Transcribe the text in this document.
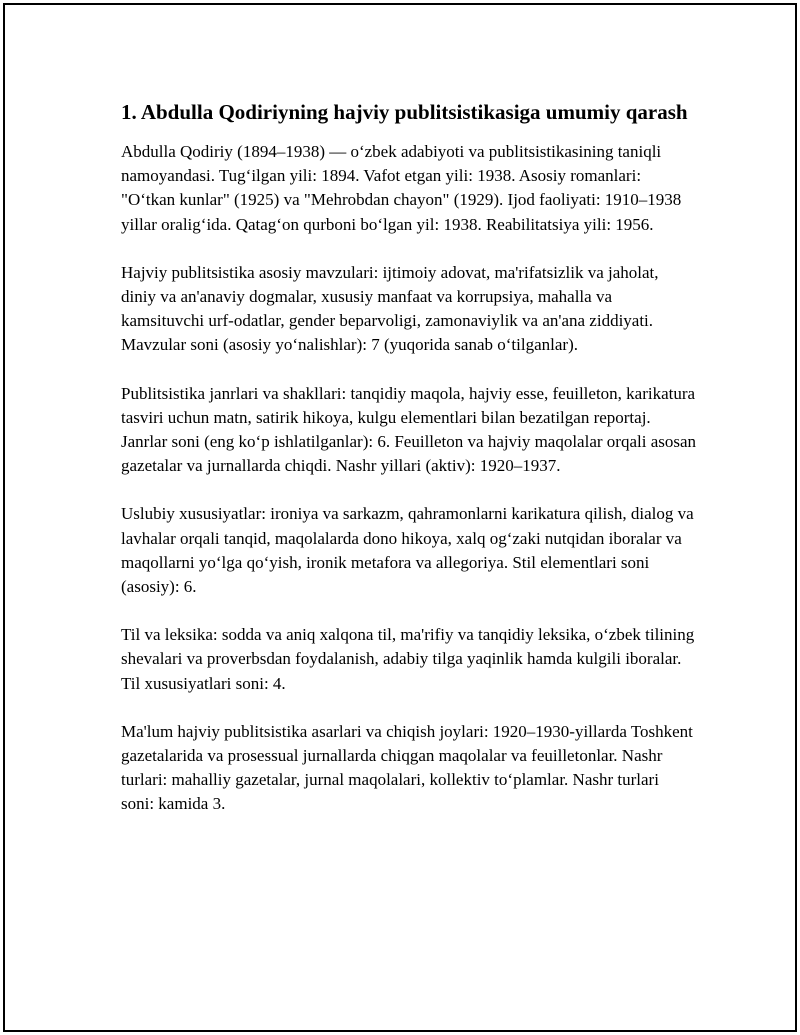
1. Abdulla Qodiriyning hajviy publitsistikasiga umumiy qarash

Abdulla Qodiriy (1894–1938) — o‘zbek adabiyoti va publitsistikasining taniqli namoyandasi. Tug‘ilgan yili: 1894. Vafot etgan yili: 1938. Asosiy romanlari: "O‘tkan kunlar" (1925) va "Mehrobdan chayon" (1929). Ijod faoliyati: 1910–1938 yillar oralig‘ida. Qatag‘on qurboni bo‘lgan yil: 1938. Reabilitatsiya yili: 1956.

Hajviy publitsistika asosiy mavzulari: ijtimoiy adovat, ma'rifatsizlik va jaholat, diniy va an'anaviy dogmalar, xususiy manfaat va korrupsiya, mahalla va kamsituvchi urf-odatlar, gender beparvoligi, zamonaviylik va an'ana ziddiyati. Mavzular soni (asosiy yo‘nalishlar): 7 (yuqorida sanab o‘tilganlar).

Publitsistika janrlari va shakllari: tanqidiy maqola, hajviy esse, feuilleton, karikatura tasviri uchun matn, satirik hikoya, kulgu elementlari bilan bezatilgan reportaj. Janrlar soni (eng ko‘p ishlatilganlar): 6. Feuilleton va hajviy maqolalar orqali asosan gazetalar va jurnallarda chiqdi. Nashr yillari (aktiv): 1920–1937.

Uslubiy xususiyatlar: ironiya va sarkazm, qahramonlarni karikatura qilish, dialog va lavhalar orqali tanqid, maqolalarda dono hikoya, xalq og‘zaki nutqidan iboralar va maqollarni yo‘lga qo‘yish, ironik metafora va allegoriya. Stil elementlari soni (asosiy): 6.

Til va leksika: sodda va aniq xalqona til, ma'rifiy va tanqidiy leksika, o‘zbek tilining shevalari va proverbsdan foydalanish, adabiy tilga yaqinlik hamda kulgili iboralar. Til xususiyatlari soni: 4.

Ma'lum hajviy publitsistika asarlari va chiqish joylari: 1920–1930-yillarda Toshkent gazetalarida va prosessual jurnallarda chiqgan maqolalar va feuilletonlar. Nashr turlari: mahalliy gazetalar, jurnal maqolalari, kollektiv to‘plamlar. Nashr turlari soni: kamida 3.
